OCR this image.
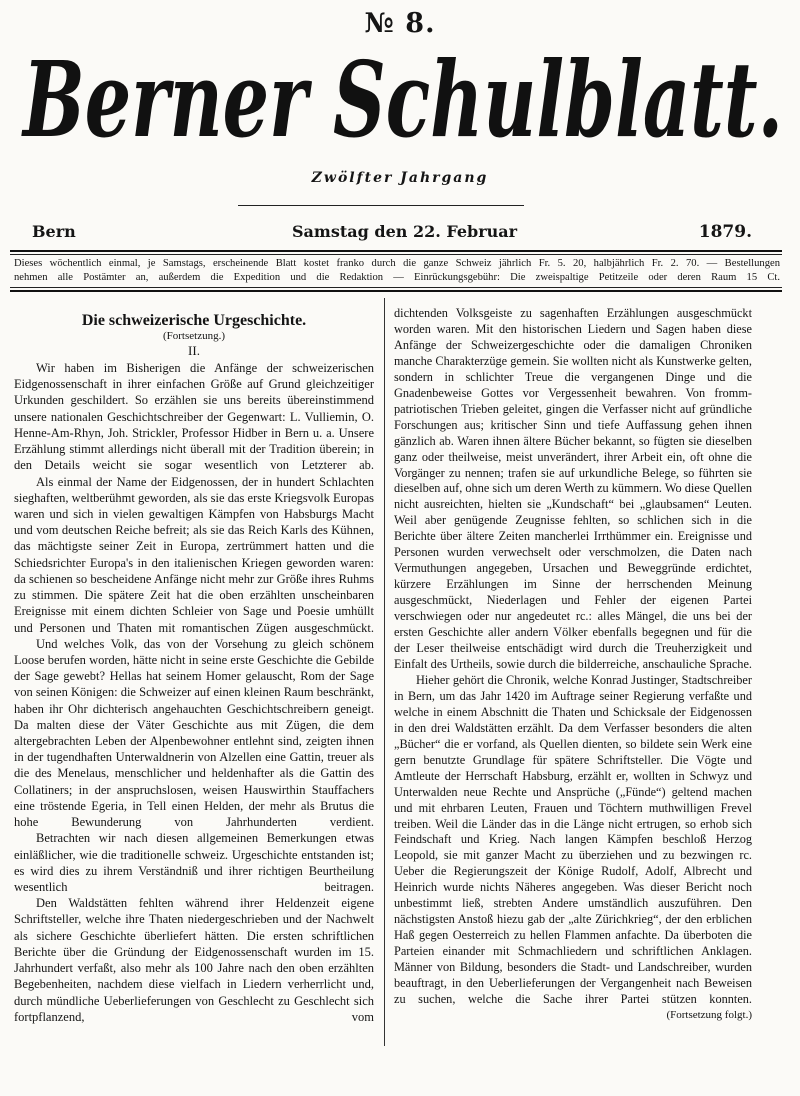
№ 8.
Berner Schulblatt.
Zwölfter Jahrgang
Bern	Samstag den 22. Februar	1879.
Dieses wöchentlich einmal, je Samstags, erscheinende Blatt kostet franko durch die ganze Schweiz jährlich Fr. 5. 20, halbjährlich Fr. 2. 70. — Bestellungen
nehmen alle Postämter an, außerdem die Expedition und die Redaktion — Einrückungsgebühr: Die zweispaltige Petitzeile oder deren Raum 15 Ct.
Die schweizerische Urgeschichte.
(Fortsetzung.)
II.

Wir haben im Bisherigen die Anfänge der schweizerischen Eidgenossenschaft in ihrer einfachen Größe auf Grund gleichzeitiger Urkunden geschildert. So erzählen sie uns bereits übereinstimmend unsere nationalen Geschichtschreiber der Gegenwart: L. Vulliemin, O. Henne-Am-Rhyn, Joh. Strickler, Professor Hidber in Bern u. a. Unsere Erzählung stimmt allerdings nicht überall mit der Tradition überein; in den Details weicht sie sogar wesentlich von Letzterer ab.

Als einmal der Name der Eidgenossen, der in hundert Schlachten sieghaften, weltberühmt geworden, als sie das erste Kriegsvolk Europas waren und sich in vielen gewaltigen Kämpfen von Habsburgs Macht und vom deutschen Reiche befreit; als sie das Reich Karls des Kühnen, das mächtigste seiner Zeit in Europa, zertrümmert hatten und die Schiedsrichter Europa's in den italienischen Kriegen geworden waren: da schienen so bescheidene Anfänge nicht mehr zur Größe ihres Ruhms zu stimmen. Die spätere Zeit hat die oben erzählten unscheinbaren Ereignisse mit einem dichten Schleier von Sage und Poesie umhüllt und Personen und Thaten mit romantischen Zügen ausgeschmückt.

Und welches Volk, das von der Vorsehung zu gleich schönem Loose berufen worden, hätte nicht in seine erste Geschichte die Gebilde der Sage gewebt? Hellas hat seinem Homer gelauscht, Rom der Sage von seinen Königen: die Schweizer auf einen kleinen Raum beschränkt, haben ihr Ohr dichterisch angehauchten Geschichtschreibern geneigt. Da malten diese der Väter Geschichte aus mit Zügen, die dem altergebrachten Leben der Alpenbewohner entlehnt sind, zeigten ihnen in der tugendhaften Unterwaldnerin von Alzellen eine Gattin, treuer als die des Menelaus, menschlicher und heldenhafter als die Gattin des Collatiners; in der anspruchslosen, weisen Hauswirthin Stauffachers eine tröstende Egeria, in Tell einen Helden, der mehr als Brutus die hohe Bewunderung von Jahrhunderten verdient.

Betrachten wir nach diesen allgemeinen Bemerkungen etwas einläßlicher, wie die traditionelle schweiz. Urgeschichte entstanden ist; es wird dies zu ihrem Verständniß und ihrer richtigen Beurtheilung wesentlich beitragen.

Den Waldstätten fehlten während ihrer Heldenzeit eigene Schriftsteller, welche ihre Thaten niedergeschrieben und der Nachwelt als sichere Geschichte überliefert hätten. Die ersten schriftlichen Berichte über die Gründung der Eidgenossenschaft wurden im 15. Jahrhundert verfaßt, also mehr als 100 Jahre nach den oben erzählten Begebenheiten, nachdem diese vielfach in Liedern verherrlicht und, durch mündliche Ueberlieferungen von Geschlecht zu Geschlecht sich fortpflanzend, vom

dichtenden Volksgeiste zu sagenhaften Erzählungen ausgeschmückt worden waren. Mit den historischen Liedern und Sagen haben diese Anfänge der Schweizergeschichte oder die damaligen Chroniken manche Charakterzüge gemein. Sie wollten nicht als Kunstwerke gelten, sondern in schlichter Treue die vergangenen Dinge und die Gnadenbeweise Gottes vor Vergessenheit bewahren. Von fromm-patriotischen Trieben geleitet, gingen die Verfasser nicht auf gründliche Forschungen aus; kritischer Sinn und tiefe Auffassung gehen ihnen gänzlich ab. Waren ihnen ältere Bücher bekannt, so fügten sie dieselben ganz oder theilweise, meist unverändert, ihrer Arbeit ein, oft ohne die Vorgänger zu nennen; trafen sie auf urkundliche Belege, so führten sie dieselben auf, ohne sich um deren Werth zu kümmern. Wo diese Quellen nicht ausreichten, hielten sie „Kundschaft“ bei „glaubsamen“ Leuten. Weil aber genügende Zeugnisse fehlten, so schlichen sich in die Berichte über ältere Zeiten mancherlei Irrthümmer ein. Ereignisse und Personen wurden verwechselt oder verschmolzen, die Daten nach Vermuthungen angegeben, Ursachen und Beweggründe erdichtet, kürzere Erzählungen im Sinne der herrschenden Meinung ausgeschmückt, Niederlagen und Fehler der eigenen Partei verschwiegen oder nur angedeutet rc.: alles Mängel, die uns bei der ersten Geschichte aller andern Völker ebenfalls begegnen und für die der Leser theilweise entschädigt wird durch die Treuherzigkeit und Einfalt des Urtheils, sowie durch die bilderreiche, anschauliche Sprache.

Hieher gehört die Chronik, welche Konrad Justinger, Stadtschreiber in Bern, um das Jahr 1420 im Auftrage seiner Regierung verfaßte und welche in einem Abschnitt die Thaten und Schicksale der Eidgenossen in den drei Waldstätten erzählt. Da dem Verfasser besonders die alten „Bücher“ die er vorfand, als Quellen dienten, so bildete sein Werk eine gern benutzte Grundlage für spätere Schriftsteller. Die Vögte und Amtleute der Herrschaft Habsburg, erzählt er, wollten in Schwyz und Unterwalden neue Rechte und Ansprüche („Fünde“) geltend machen und mit ehrbaren Leuten, Frauen und Töchtern muthwilligen Frevel treiben. Weil die Länder das in die Länge nicht ertrugen, so erhob sich Feindschaft und Krieg. Nach langen Kämpfen beschloß Herzog Leopold, sie mit ganzer Macht zu überziehen und zu bezwingen rc. Ueber die Regierungszeit der Könige Rudolf, Adolf, Albrecht und Heinrich wurde nichts Näheres angegeben. Was dieser Bericht noch unbestimmt ließ, strebten Andere umständlich auszuführen. Den nächstigsten Anstoß hiezu gab der „alte Zürichkrieg“, der den erblichen Haß gegen Oesterreich zu hellen Flammen anfachte. Da überboten die Parteien einander mit Schmachliedern und schriftlichen Anklagen. Männer von Bildung, besonders die Stadt- und Landschreiber, wurden beauftragt, in den Ueberlieferungen der Vergangenheit nach Beweisen zu suchen, welche die Sache ihrer Partei stützen konnten.

(Fortsetzung folgt.)
